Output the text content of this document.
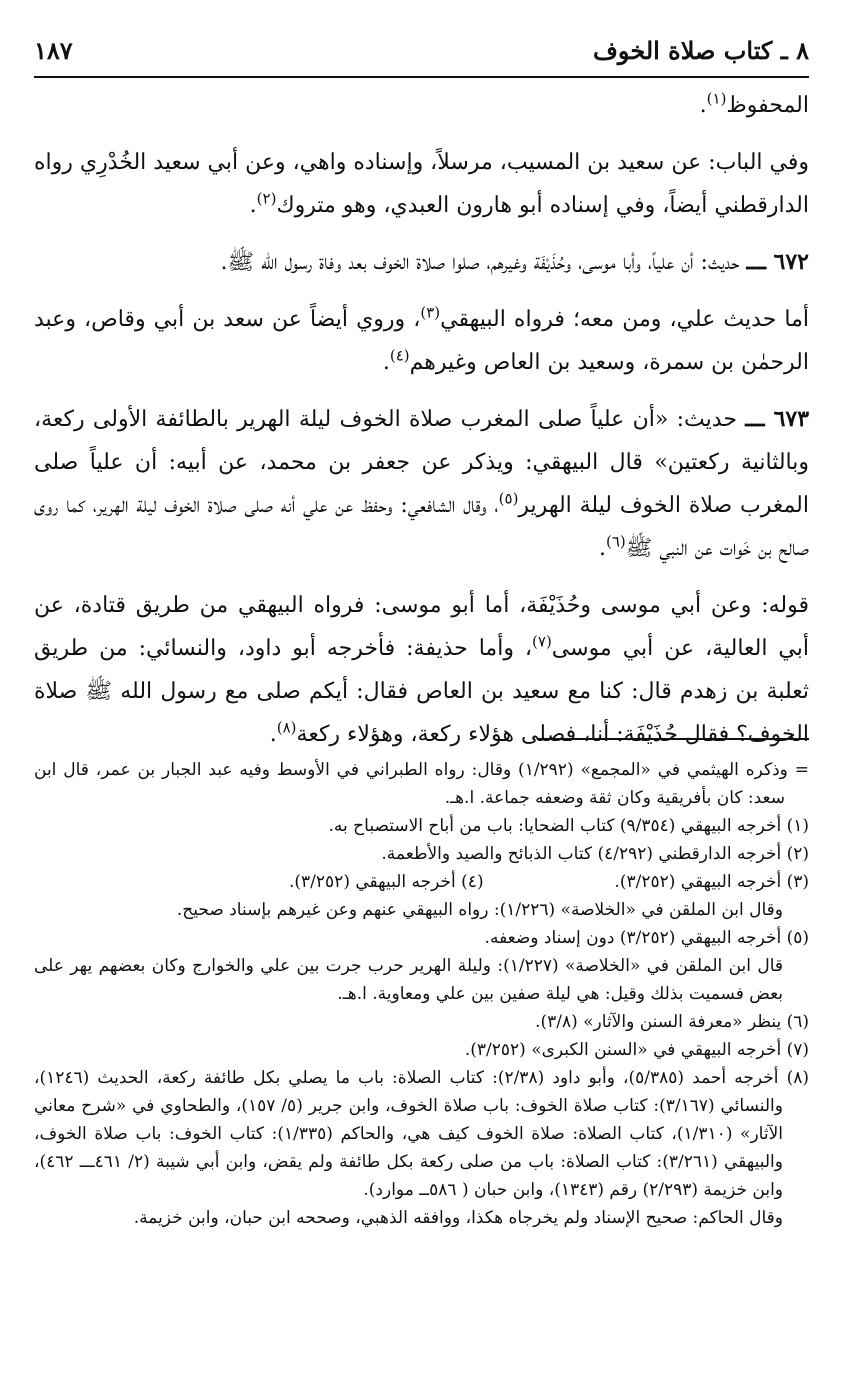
٨ ـ كتاب صلاة الخوف
١٨٧

المحفوظ$^{(١)}$.

وفي الباب: عن سعيد بن المسيب، مرسلاً، وإسناده واهي، وعن أبي سعيد الخُدْرِي رواه الدارقطني أيضاً، وفي إسناده أبو هارون العبدي، وهو متروك$^{(٢)}$.

٦٧٢ ـــ حديث: أن علياً، وأبا موسى، وحُذَيْفَة وغيرهم، صلوا صلاة الخوف بعد وفاة رسول الله ﷺ.

أما حديث علي، ومن معه؛ فرواه البيهقي$^{(٣)}$، وروي أيضاً عن سعد بن أبي وقاص، وعبد الرحمٰن بن سمرة، وسعيد بن العاص وغيرهم$^{(٤)}$.

٦٧٣ ـــ حديث: «أن علياً صلى المغرب صلاة الخوف ليلة الهرير بالطائفة الأولى ركعة، وبالثانية ركعتين» قال البيهقي: ويذكر عن جعفر بن محمد، عن أبيه: أن علياً صلى المغرب صلاة الخوف ليلة الهرير$^{(٥)}$، وقال الشافعي: وحفظ عن علي أنه صلى صلاة الخوف ليلة الهرير، كما روى صالح بن خَوات عن النبي ﷺ$^{(٦)}$.

قوله: وعن أبي موسى وحُذَيْفَة، أما أبو موسى: فرواه البيهقي من طريق قتادة، عن أبي العالية، عن أبي موسى$^{(٧)}$، وأما حذيفة: فأخرجه أبو داود، والنسائي: من طريق ثعلبة بن زهدم قال: كنا مع سعيد بن العاص فقال: أيكم صلى مع رسول الله ﷺ صلاة الخوف؟ فقال حُذَيْفَة: أنا، فصلى هؤلاء ركعة، وهؤلاء ركعة$^{(٨)}$.

= وذكره الهيثمي في «المجمع» (١/٢٩٢) وقال: رواه الطبراني في الأوسط وفيه عبد الجبار بن عمر، قال ابن سعد: كان بأفريقية وكان ثقة وضعفه جماعة. ا.هـ.

(١) أخرجه البيهقي (٩/٣٥٤) كتاب الضحايا: باب من أباح الاستصباح به.

(٢) أخرجه الدارقطني (٤/٢٩٢) كتاب الذبائح والصيد والأطعمة.

(٣) أخرجه البيهقي (٣/٢٥٢).
(٤) أخرجه البيهقي (٣/٢٥٢).

وقال ابن الملقن في «الخلاصة» (١/٢٢٦): رواه البيهقي عنهم وعن غيرهم بإسناد صحيح.

(٥) أخرجه البيهقي (٣/٢٥٢) دون إسناد وضعفه.

قال ابن الملقن في «الخلاصة» (١/٢٢٧): وليلة الهرير حرب جرت بين علي والخوارج وكان بعضهم يهر على بعض فسميت بذلك وقيل: هي ليلة صفين بين علي ومعاوية. ا.هـ.

(٦) ينظر «معرفة السنن والآثار» (٣/٨).

(٧) أخرجه البيهقي في «السنن الكبرى» (٣/٢٥٢).

(٨) أخرجه أحمد (٥/٣٨٥)، وأبو داود (٢/٣٨): كتاب الصلاة: باب ما يصلي بكل طائفة ركعة، الحديث (١٢٤٦)، والنسائي (٣/١٦٧): كتاب صلاة الخوف: باب صلاة الخوف، وابن جرير (٥/ ١٥٧)، والطحاوي في «شرح معاني الآثار» (١/٣١٠)، كتاب الصلاة: صلاة الخوف كيف هي، والحاكم (١/٣٣٥): كتاب الخوف: باب صلاة الخوف، والبيهقي (٣/٢٦١): كتاب الصلاة: باب من صلى ركعة بكل طائفة ولم يقض، وابن أبي شيبة (٢/ ٤٦١ـــ ٤٦٢)، وابن خزيمة (٢/٢٩٣) رقم (١٣٤٣)، وابن حبان ( ٥٨٦ــ موارد).

وقال الحاكم: صحيح الإسناد ولم يخرجاه هكذا، ووافقه الذهبي، وصححه ابن حبان، وابن خزيمة.
